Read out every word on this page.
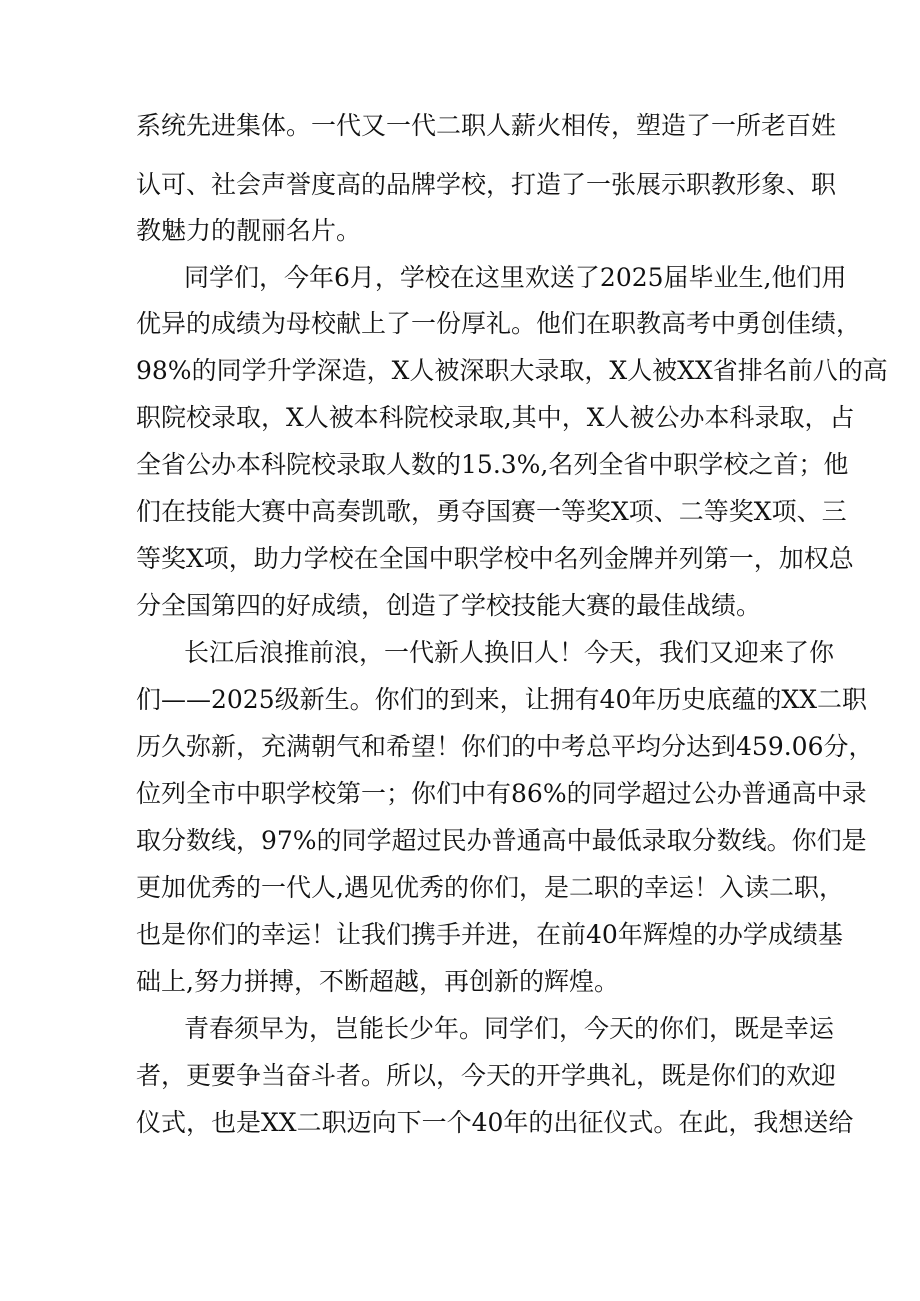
系统先进集体。一代又一代二职人薪火相传，塑造了一所老百姓
认可、社会声誉度高的品牌学校，打造了一张展示职教形象、职
教魅力的靓丽名片。
同学们，今年6月，学校在这里欢送了2025届毕业生,他们用
优异的成绩为母校献上了一份厚礼。他们在职教高考中勇创佳绩，
98%的同学升学深造，X人被深职大录取，X人被XX省排名前八的高
职院校录取，X人被本科院校录取,其中，X人被公办本科录取，占
全省公办本科院校录取人数的15.3%,名列全省中职学校之首；他
们在技能大赛中高奏凯歌，勇夺国赛一等奖X项、二等奖X项、三
等奖X项，助力学校在全国中职学校中名列金牌并列第一，加权总
分全国第四的好成绩，创造了学校技能大赛的最佳战绩。
长江后浪推前浪，一代新人换旧人！今天，我们又迎来了你
们——2025级新生。你们的到来，让拥有40年历史底蕴的XX二职
历久弥新，充满朝气和希望！你们的中考总平均分达到459.06分，
位列全市中职学校第一；你们中有86%的同学超过公办普通高中录
取分数线，97%的同学超过民办普通高中最低录取分数线。你们是
更加优秀的一代人,遇见优秀的你们，是二职的幸运！入读二职，
也是你们的幸运！让我们携手并进，在前40年辉煌的办学成绩基
础上,努力拼搏，不断超越，再创新的辉煌。
青春须早为，岂能长少年。同学们，今天的你们，既是幸运
者，更要争当奋斗者。所以，今天的开学典礼，既是你们的欢迎
仪式，也是XX二职迈向下一个40年的出征仪式。在此，我想送给
